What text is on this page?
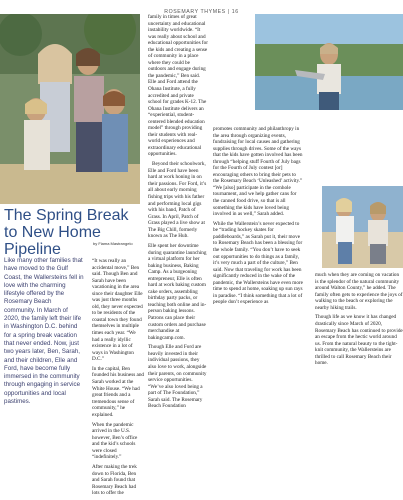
ROSEMARY THYMES | 16
The Spring Break to New Home Pipeline	by Fiama Mastrangelo
Like many other families that have moved to the Gulf Coast, the Wallersteins fell in love with the charming lifestyle offered by the Rosemary Beach community. In March of 2020, the family left their life in Washington D.C. behind for a spring break vacation that never ended. Now, just two years later, Ben, Sarah, and their children, Elle and Ford, have become fully immersed in the community through engaging in service opportunities and local pastimes.

“It was really an accidental move,” Ben said. Though Ben and Sarah have been vacationing in the area since their daughter Elle was just three months old, they never expected to be residents of the coastal town they found themselves in multiple times each year. “We had a really idyllic existence in a lot of ways in Washington D.C.”

In the capital, Ben founded his business and Sarah worked at the White House. “We had great friends and a tremendous sense of community,” he explained.

When the pandemic arrived in the U.S. however, Ben’s office and the kid’s schools were closed “indefinitely.”

After making the trek down to Florida, Ben and Sarah found that Rosemary Beach had lots to offer the

family in times of great uncertainty and educational instability worldwide. “It was really about school and educational opportunities for the kids and creating a sense of community in a place where they could be outdoors and engage during the pandemic,” Ben said. Elle and Ford attend the Ohana Institute, a fully accredited and private school for grades K-12. The Ohana Institute delivers an “experiential, student-centered blended education model” through providing their students with real-world experiences and extraordinary educational opportunities.

Beyond their schoolwork, Elle and Ford have been hard at work honing in on their passions. For Ford, it’s all about early morning fishing trips with his father and performing local gigs with his band, Patch of Grass. In April, Patch of Grass played a live show at The Big Chill, formerly known as The Hub.

Elle spent her downtime during quarantine launching a virtual platform for her baking business, Baking Camp. As a burgeoning entrepreneur, Elle is often hard at work baking custom cake orders, assembling birthday party packs, or teaching both online and in-person baking lessons. Patrons can place their custom orders and purchase merchandise at bakingcamp.com.

Though Elle and Ford are heavily invested in their individual passions, they also love to work, alongside their parents, on community service opportunities. “We’ve also loved being a part of The Foundation,” Sarah said. The Rosemary Beach Foundation

promotes community and philanthropy in the area through organizing events, fundraising for local causes and gathering supplies through drives. Some of the ways that the kids have gotten involved has been through “helping stuff Fourth of July bags for the Fourth of July contest [or] encouraging others to bring their pets to the Rosemary Beach ‘Unleashed’ activity.” “We [also] participate in the cornhole tournament, and we help gather cans for the canned food drive, so that is all something the kids have loved being involved in as well,” Sarah added.

While the Wallerstein’s never expected to be “trading hockey skates for paddleboards,” as Sarah put it, their move to Rosemary Beach has been a blessing for the whole family. “You don’t have to seek out opportunities to do things as a family, it’s very much a part of the culture,” Ben said. Now that traveling for work has been significantly reduced in the wake of the pandemic, the Wallersteins have even more time to spend at home, soaking up sun rays in paradise. “I think something that a lot of people don’t experience as

much when they are coming on vacation is the splendor of the natural community around Walton County,” he added. The family often gets to experience the joys of walking to the beach or exploring the nearby hiking trails.

Though life as we know it has changed drastically since March of 2020, Rosemary Beach has continued to provide an escape from the hectic world around us. From the natural beauty to the tight-knit community, the Wallersteins are thrilled to call Rosemary Beach their home.
